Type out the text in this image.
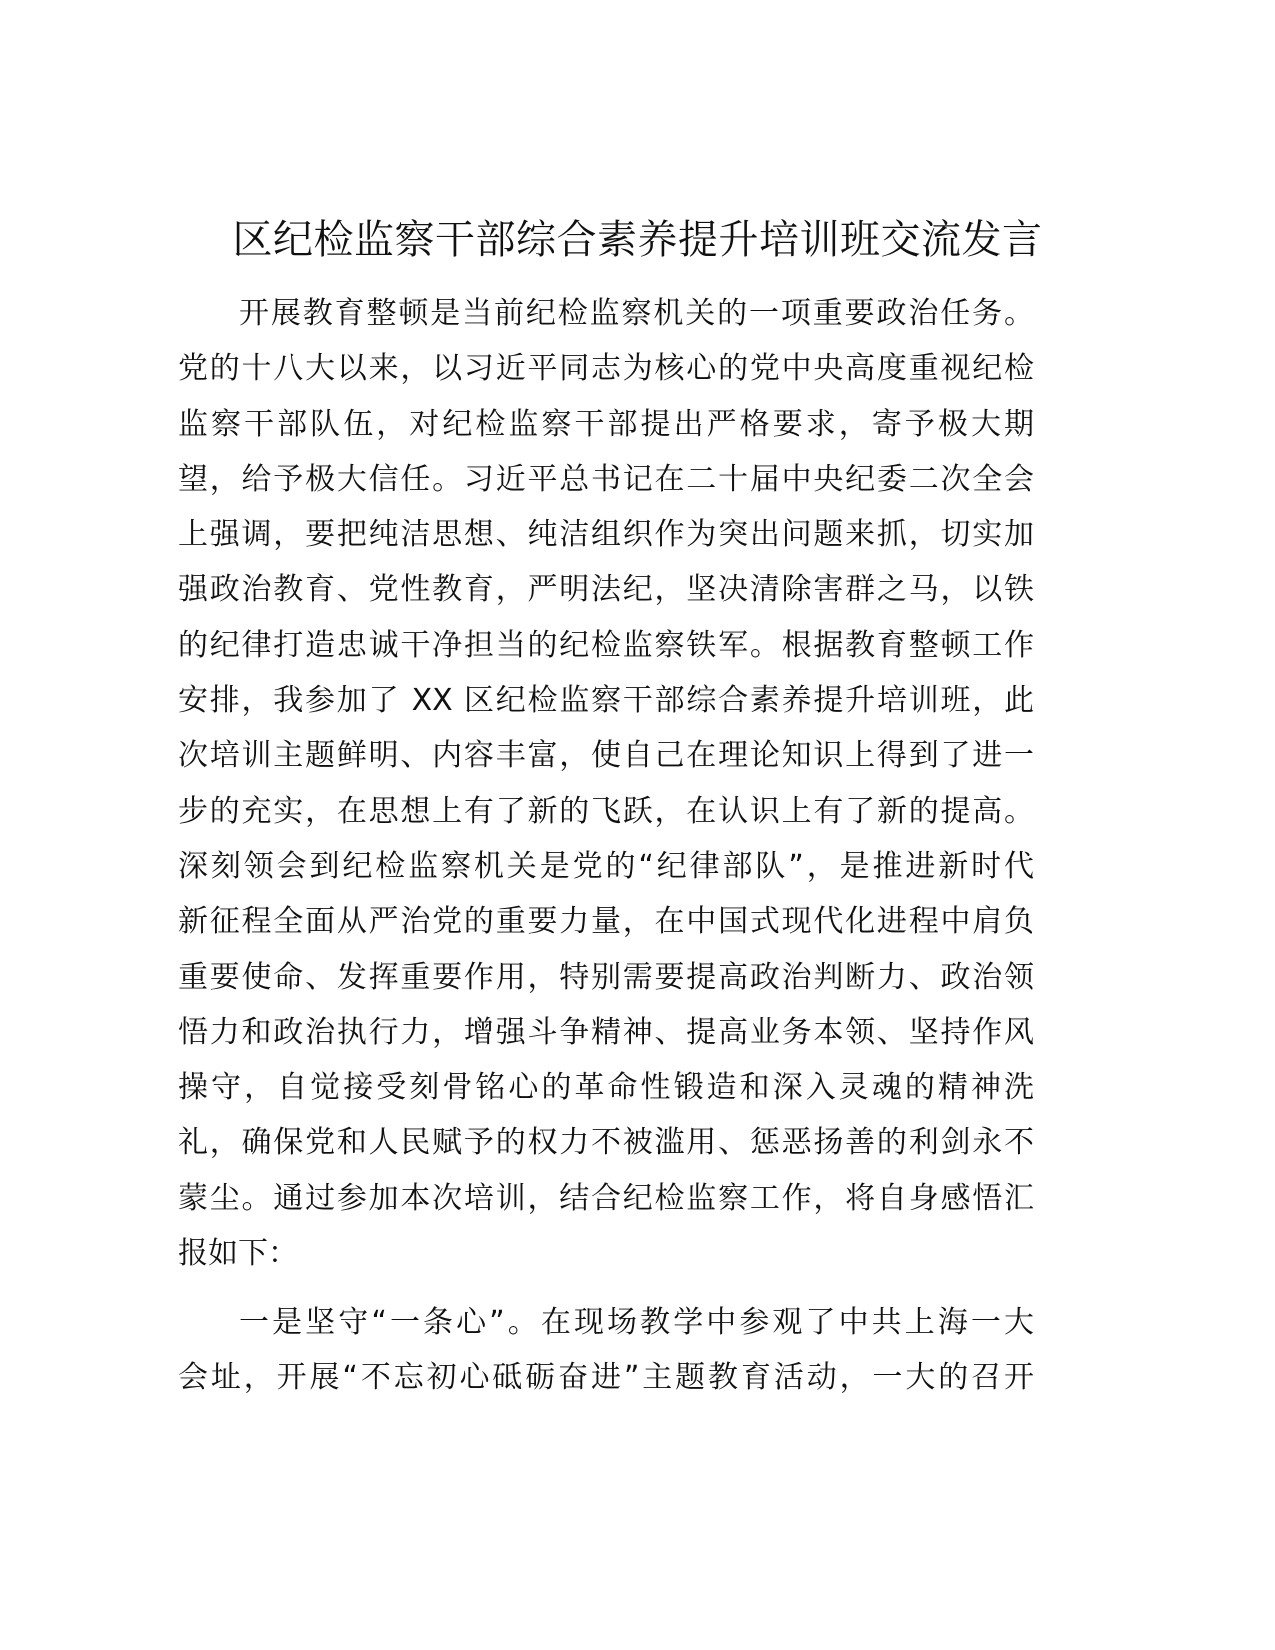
区纪检监察干部综合素养提升培训班交流发言
开展教育整顿是当前纪检监察机关的一项重要政治任务。
党的十八大以来，以习近平同志为核心的党中央高度重视纪检
监察干部队伍，对纪检监察干部提出严格要求，寄予极大期
望，给予极大信任。习近平总书记在二十届中央纪委二次全会
上强调，要把纯洁思想、纯洁组织作为突出问题来抓，切实加
强政治教育、党性教育，严明法纪，坚决清除害群之马，以铁
的纪律打造忠诚干净担当的纪检监察铁军。根据教育整顿工作
安排，我参加了 XX 区纪检监察干部综合素养提升培训班，此
次培训主题鲜明、内容丰富，使自己在理论知识上得到了进一
步的充实，在思想上有了新的飞跃，在认识上有了新的提高。
深刻领会到纪检监察机关是党的“纪律部队”，是推进新时代
新征程全面从严治党的重要力量，在中国式现代化进程中肩负
重要使命、发挥重要作用，特别需要提高政治判断力、政治领
悟力和政治执行力，增强斗争精神、提高业务本领、坚持作风
操守，自觉接受刻骨铭心的革命性锻造和深入灵魂的精神洗
礼，确保党和人民赋予的权力不被滥用、惩恶扬善的利剑永不
蒙尘。通过参加本次培训，结合纪检监察工作，将自身感悟汇
报如下：
一是坚守“一条心”。在现场教学中参观了中共上海一大
会址，开展“不忘初心砥砺奋进”主题教育活动，一大的召开
